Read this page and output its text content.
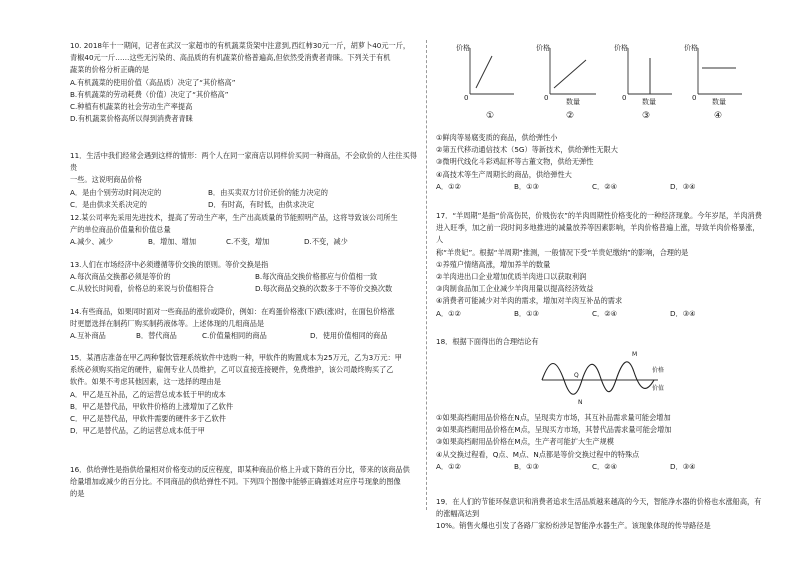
10. 2018年十一期间，记者在武汉一家超市的有机蔬菜货架中注意到,西红柿30元一斤，胡萝卜40元一斤，

青椒40元一斤……这些无污染的、高品质的有机蔬菜价格普遍高,但依然受消费者青睐。下列关于有机

蔬菜的价格分析正确的是

A.有机蔬菜的使用价值（高品质）决定了“其价格高”

B.有机蔬菜的劳动耗费（价值）决定了“其价格高”

C.种植有机蔬菜的社会劳动生产率提高

D.有机蔬菜价格高所以得到消费者青睐

11．生活中我们经常会遇到这样的情形：两个人在同一家商店以同样价买同一种商品，不会砍价的人往往买得贵

一些。这说明商品价格

A．是由个别劳动时间决定的	B．由买卖双方讨价还价的能力决定的
C．是由供求关系决定的	D．有时高，有时低，由供求决定

12.某公司率先采用先进技术，提高了劳动生产率，生产出高质量的节能照明产品，这将导致该公司所生

产的单位商品价值量和价值总量

A.减少、减少	B．增加、增加	C.不变，增加	D.不变，减少

13.人们在市场经济中必须遵循等价交换的原则。等价交换是指

A.每次商品交换都必须是等价的	B.每次商品交换价格都应与价值相一致
C.从较长时间看，价格总的来说与价值相符合	D.每次商品交换的次数多于不等价交换次数

14.有些商品，如果同时面对一些商品的涨价或降价，例如：在鸡蛋价格涨(下)跌(涨)时，在面包价格涨

时更愿选择在制药厂购买制药液体等。上述体现的几组商品是

A.互补商品	B．替代商品	C.价值量相同的商品	D．使用价值相同的商品

15．某酒店准备在甲乙两种餐饮管理系统软件中选购一种，甲软件的购置成本为25万元，乙为3万元：甲

系统必须购买指定的硬件，雇佣专业人员维护，乙可以直接连接硬件，免费维护，该公司最终购买了乙

软件。如果不考虑其他因素，这一选择的理由是

A．甲乙是互补品，乙的运营总成本低于甲的成本

B．甲乙是替代品，甲软件价格的上涨增加了乙软件

C．甲乙是替代品，甲软件需要的硬件多于乙软件

D．甲乙是替代品，乙的运营总成本低于甲

16．供给弹性是指供给量相对价格变动的反应程度，即某种商品价格上升或下降的百分比，带来的该商品供

给量增加或减少的百分比。不同商品的供给弹性不同。下列四个图像中能够正确描述对应序号现象的图像

的是

价格
0
①
价格
数量
0
②
价格
数量
0
③
价格
数量
0
④

①鲜肉等易腐变质的商品，供给弹性小

②第五代移动通信技术（5G）等新技术，供给弹性无限大

③微明代线化斗彩鸡缸杯等古董文物，供给无弹性

④高技术等生产周期长的商品，供给弹性大

A．①②	B．①③	C．②④	D．③④

17．“羊周期”是指“价高伤民，价贱伤农”的羊肉周期性价格变化的一种经济现象。今年岁尾，羊肉消费

进入旺季，加之前一段时间多地推进的减量放养等因素影响，羊肉价格普遍上涨，导致羊肉价格暴涨，人

称“羊贵妃”。根据“羊周期”推测，一般情况下受“羊贵妃缴纳”的影响，合理的是

①养殖户情绪高涨，增加养羊的数量

②羊肉进出口企业增加优质羊肉进口以获取利润

③肉制食品加工企业减少羊肉用量以提高经济效益

④消费者可能减少对羊肉的需求，增加对羊肉互补品的需求

A．①②	B．①③	C．②④	D．③④

18．根据下面得出的合理结论有

M
Q
N
价格
价值

①如果高档耐用品价格在N点，呈现卖方市场，其互补品需求量可能会增加

②如果高档耐用品价格在M点，呈现买方市场，其替代品需求量可能会增加

③如果高档耐用品价格在M点，生产者可能扩大生产规模

④从交换过程看，Q点、M点、N点都是等价交换过程中的特殊点

A．①②	B．①③	C．②④	D．③④

19．在人们的节能环保意识和消费者追求生活品质越来越高的今天，智能净水器的价格也水涨船高，有的涨幅高达到

10%。销售火爆也引发了各路厂家纷纷涉足智能净水器生产。该现象体现的传导路径是
